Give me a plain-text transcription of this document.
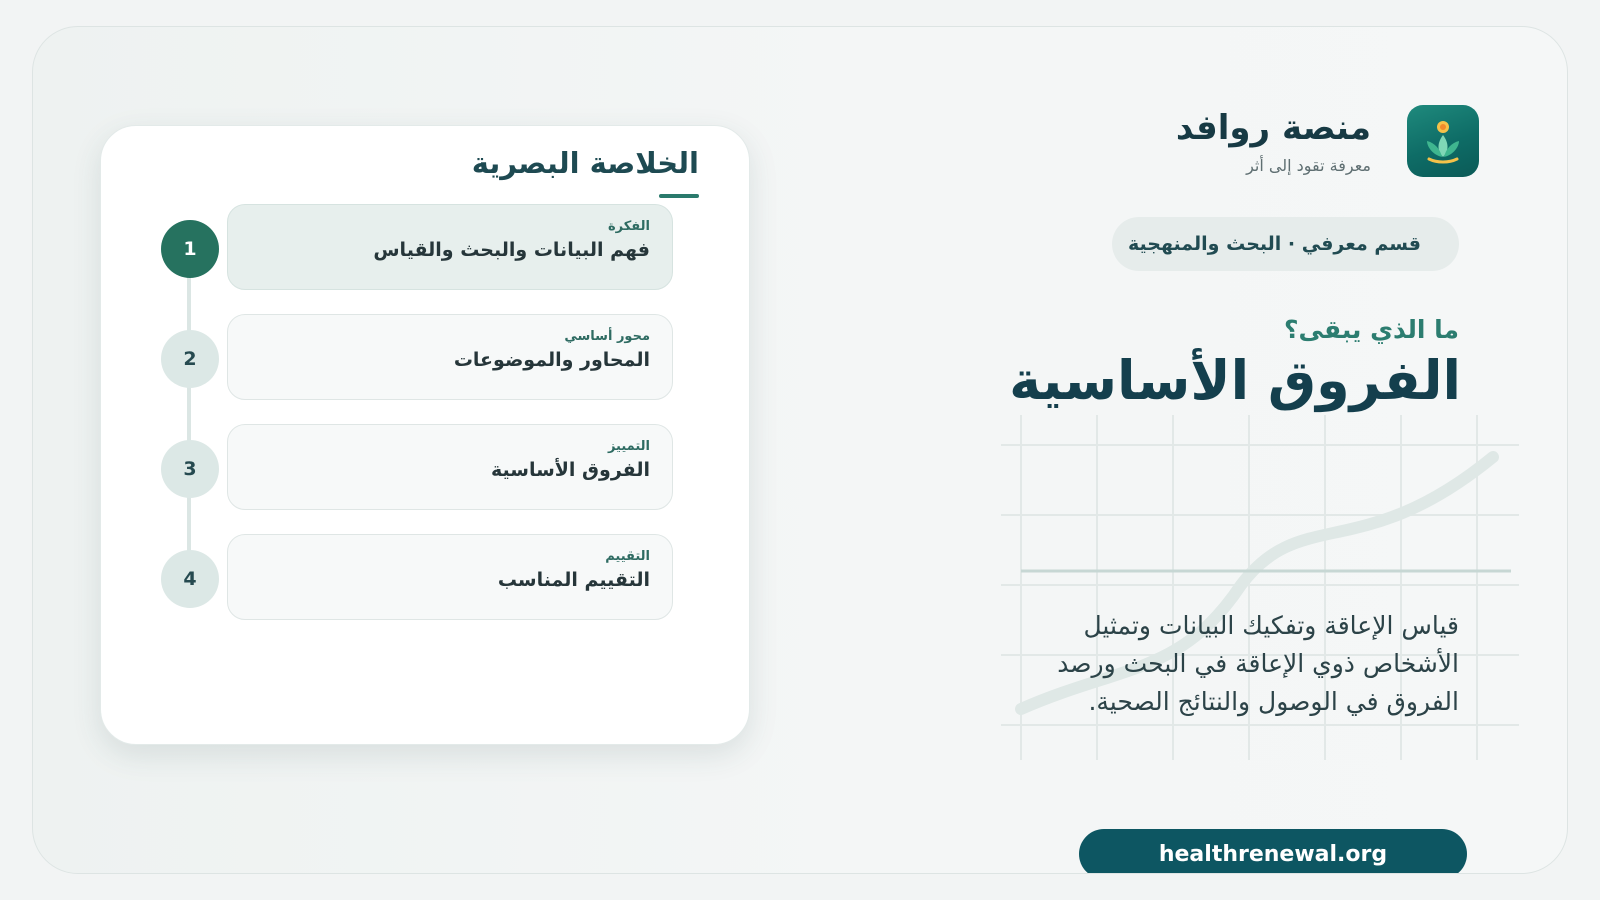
منصة روافد
معرفة تقود إلى أثر
قسم معرفي · البحث والمنهجية
ما الذي يبقى؟
الفروق الأساسية
قياس الإعاقة وتفكيك البيانات وتمثيل الأشخاص ذوي الإعاقة في البحث ورصد الفروق في الوصول والنتائج الصحية.
healthrenewal.org
الخلاصة البصرية
1
الفكرة
فهم البيانات والبحث والقياس
2
محور أساسي
المحاور والموضوعات
3
التمييز
الفروق الأساسية
4
التقييم
التقييم المناسب
